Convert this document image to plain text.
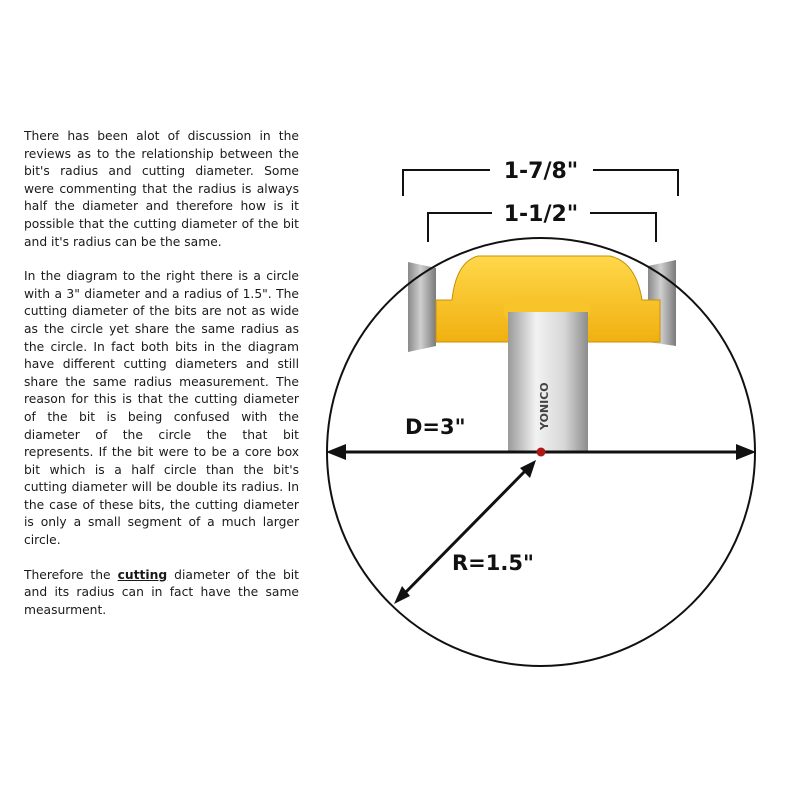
There has been alot of discussion in the reviews as to the relationship between the bit's radius and cutting diameter. Some were commenting that the radius is always half the diameter and therefore how is it possible that the cutting diameter of the bit and it's radius can be the same.

In the diagram to the right there is a circle with a 3" diameter and a radius of 1.5". The cutting diameter of the bits are not as wide as the circle yet share the same radius as the circle. In fact both bits in the diagram have different cutting diameters and still share the same radius measurement. The reason for this is that the cutting diameter of the bit is being confused with the diameter of the circle the that bit represents. If the bit were to be a core box bit which is a half circle than the bit's cutting diameter will be double its radius. In the case of these bits, the cutting diameter is only a small segment of a much larger circle.

Therefore the cutting diameter of the bit and its radius can in fact have the same measurment.

YONICO
1-7/8"
1-1/2"
D=3"
R=1.5"
